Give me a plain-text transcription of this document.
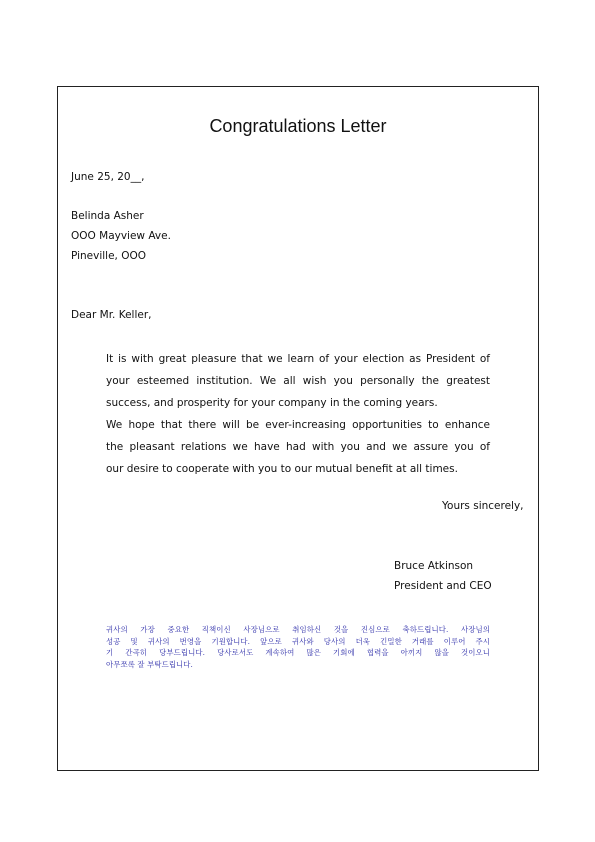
Congratulations Letter
June 25, 20__,
Belinda Asher
OOO Mayview Ave.
Pineville, OOO
Dear Mr. Keller,
It is with great pleasure that we learn of your election as President of
your esteemed institution. We all wish you personally the greatest
success, and prosperity for your company in the coming years.
We hope that there will be ever-increasing opportunities to enhance
the pleasant relations we have had with you and we assure you of
our desire to cooperate with you to our mutual benefit at all times.
Yours sincerely,
Bruce Atkinson
President and CEO
귀사의 가장 중요한 직책이신 사장님으로 취임하신 것을 진심으로 축하드립니다. 사장님의
성공 및 귀사의 번영을 기원합니다. 앞으로 귀사와 당사의 더욱 긴밀한 거래를 이루어 주시
기 간곡히 당부드립니다. 당사로서도 계속하여 많은 기회에 협력을 아끼지 않을 것이오니
아무쪼록 잘 부탁드립니다.
